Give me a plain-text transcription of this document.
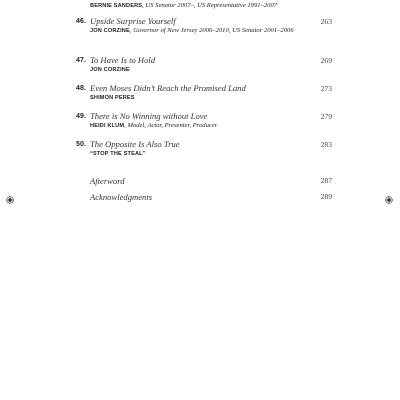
BERNIE SANDERS, US Senator 2007–, US Representative 1991–2007
46. Upside Surprise Yourself
JON CORZINE, Governor of New Jersey 2006–2010, US Senator 2001–2006
263
47. To Have Is to Hold
JON CORZINE
269
48. Even Moses Didn’t Reach the Promised Land
SHIMON PERES
273
49. There is No Winning without Love
HEIDI KLUM, Model, Actor, Presenter, Producer
279
50. The Opposite Is Also True
“STOP THE STEAL”
283
Afterword	287
Acknowledgments	289
